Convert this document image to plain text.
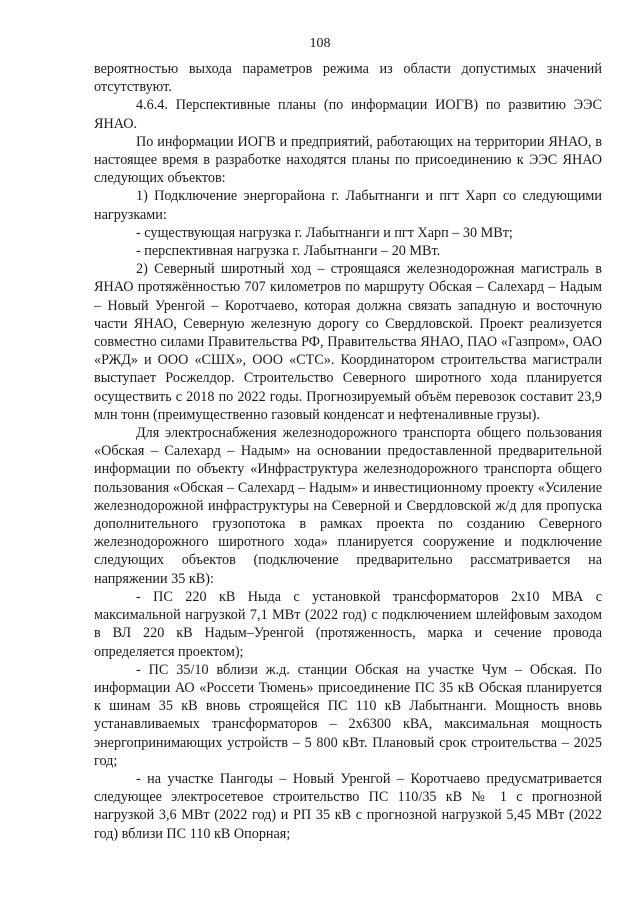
108

вероятностью выхода параметров режима из области допустимых значений отсутствуют.

4.6.4. Перспективные планы (по информации ИОГВ) по развитию ЭЭС ЯНАО.

По информации ИОГВ и предприятий, работающих на территории ЯНАО, в настоящее время в разработке находятся планы по присоединению к ЭЭС ЯНАО следующих объектов:

1) Подключение энергорайона г. Лабытнанги и пгт Харп со следующими нагрузками:

- существующая нагрузка г. Лабытнанги и пгт Харп – 30 МВт;

- перспективная нагрузка г. Лабытнанги – 20 МВт.

2) Северный широтный ход – строящаяся железнодорожная магистраль в ЯНАО протяжённостью 707 километров по маршруту Обская – Салехард – Надым – Новый Уренгой – Коротчаево, которая должна связать западную и восточную части ЯНАО, Северную железную дорогу со Свердловской. Проект реализуется совместно силами Правительства РФ, Правительства ЯНАО, ПАО «Газпром», ОАО «РЖД» и ООО «СШХ», ООО «СТС». Координатором строительства магистрали выступает Росжелдор. Строительство Северного широтного хода планируется осуществить с 2018 по 2022 годы. Прогнозируемый объём перевозок составит 23,9 млн тонн (преимущественно газовый конденсат и нефтеналивные грузы).

Для электроснабжения железнодорожного транспорта общего пользования «Обская – Салехард – Надым» на основании предоставленной предварительной информации по объекту «Инфраструктура железнодорожного транспорта общего пользования «Обская – Салехард – Надым» и инвестиционному проекту «Усиление железнодорожной инфраструктуры на Северной и Свердловской ж/д для пропуска дополнительного грузопотока в рамках проекта по созданию Северного железнодорожного широтного хода» планируется сооружение и подключение следующих объектов (подключение предварительно рассматривается на напряжении 35 кВ):

- ПС 220 кВ Ныда с установкой трансформаторов 2х10 МВА с максимальной нагрузкой 7,1 МВт (2022 год) с подключением шлейфовым заходом в ВЛ 220 кВ Надым–Уренгой (протяженность, марка и сечение провода определяется проектом);

- ПС 35/10 вблизи ж.д. станции Обская на участке Чум – Обская. По информации АО «Россети Тюмень» присоединение ПС 35 кВ Обская планируется к шинам 35 кВ вновь строящейся ПС 110 кВ Лабытнанги. Мощность вновь устанавливаемых трансформаторов – 2х6300 кВА, максимальная мощность энергопринимающих устройств – 5 800 кВт. Плановый срок строительства – 2025 год;

- на участке Пангоды – Новый Уренгой – Коротчаево предусматривается следующее электросетевое строительство ПС 110/35 кВ № 1 с прогнозной нагрузкой 3,6 МВт (2022 год) и РП 35 кВ с прогнозной нагрузкой 5,45 МВт (2022 год) вблизи ПС 110 кВ Опорная;
